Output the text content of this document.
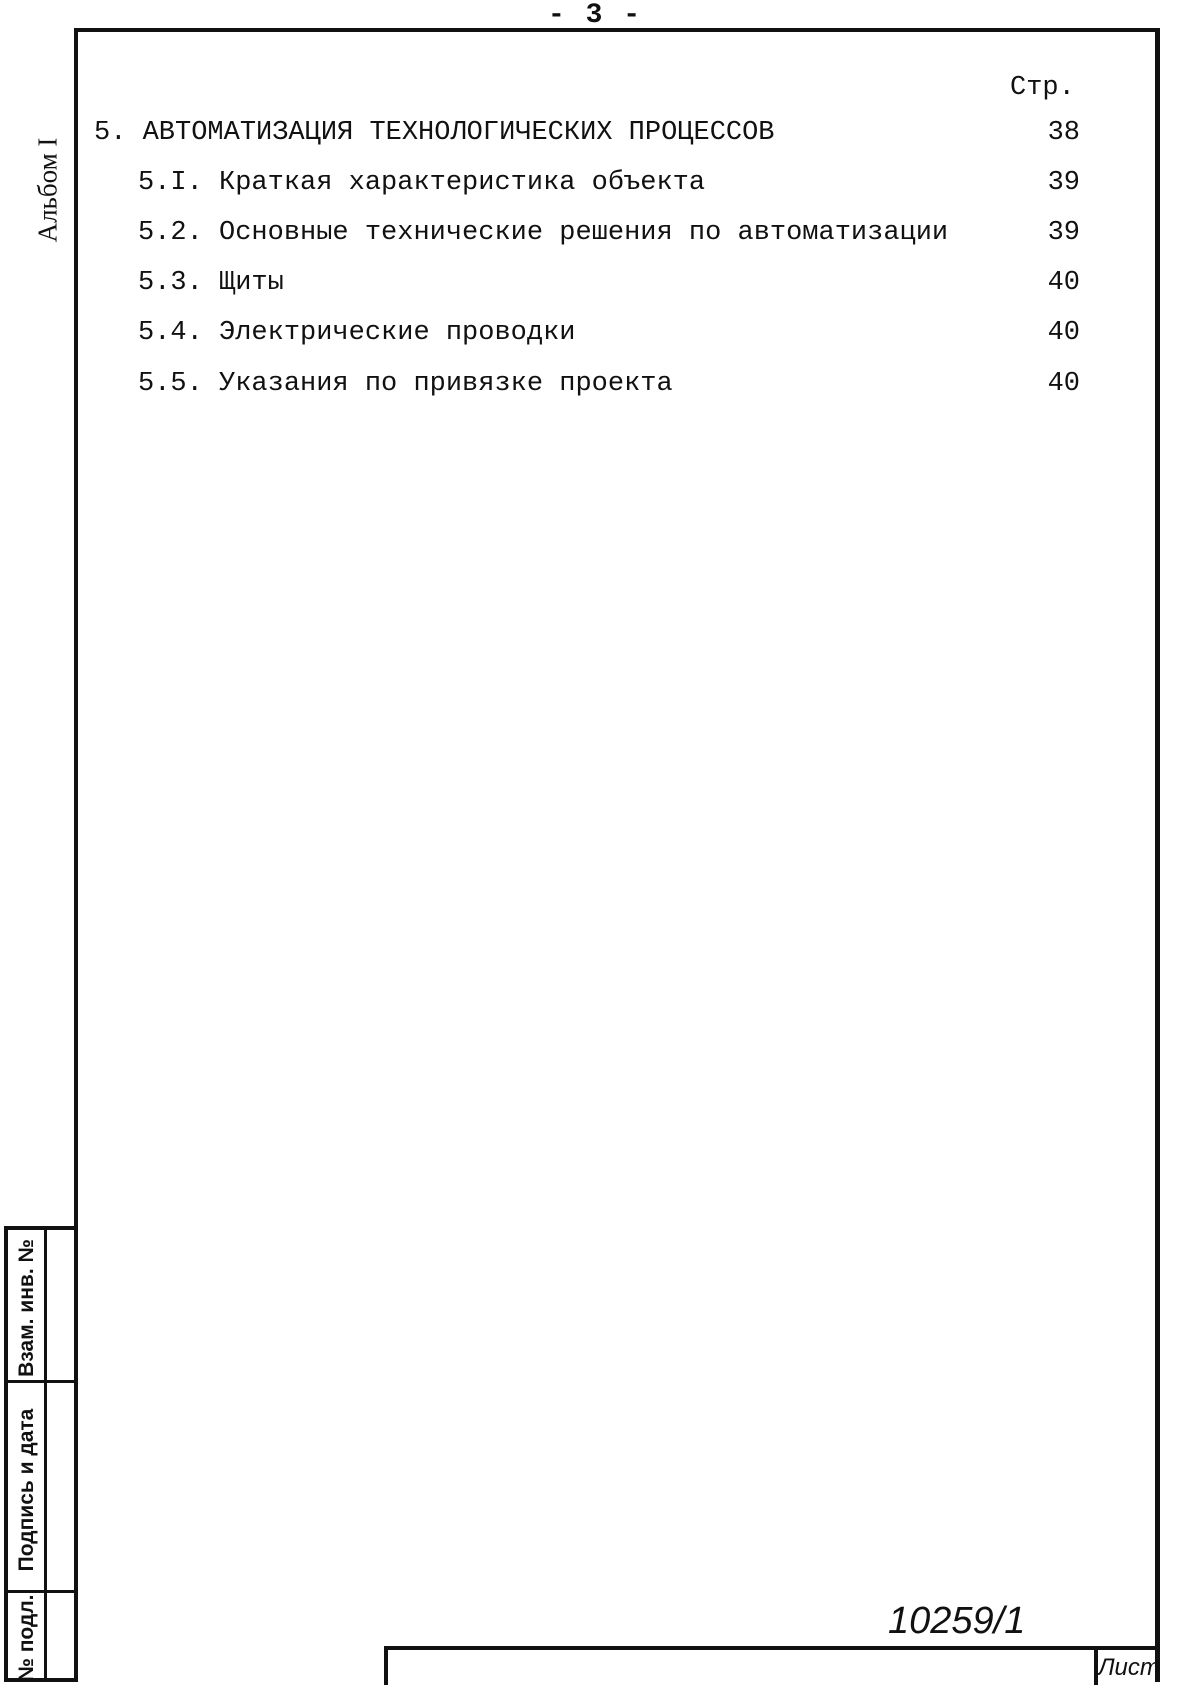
- 3 -
Альбом I
Стр.
5. АВТОМАТИЗАЦИЯ ТЕХНОЛОГИЧЕСКИХ ПРОЦЕССОВ	38
5.I. Краткая характеристика объекта	39
5.2. Основные технические решения по автоматизации	39
5.3. Щиты	40
5.4. Электрические проводки	40
5.5. Указания по привязке проекта	40
Взам. инв. №
Подпись и дата
№ подл.	10259/1
Лист
